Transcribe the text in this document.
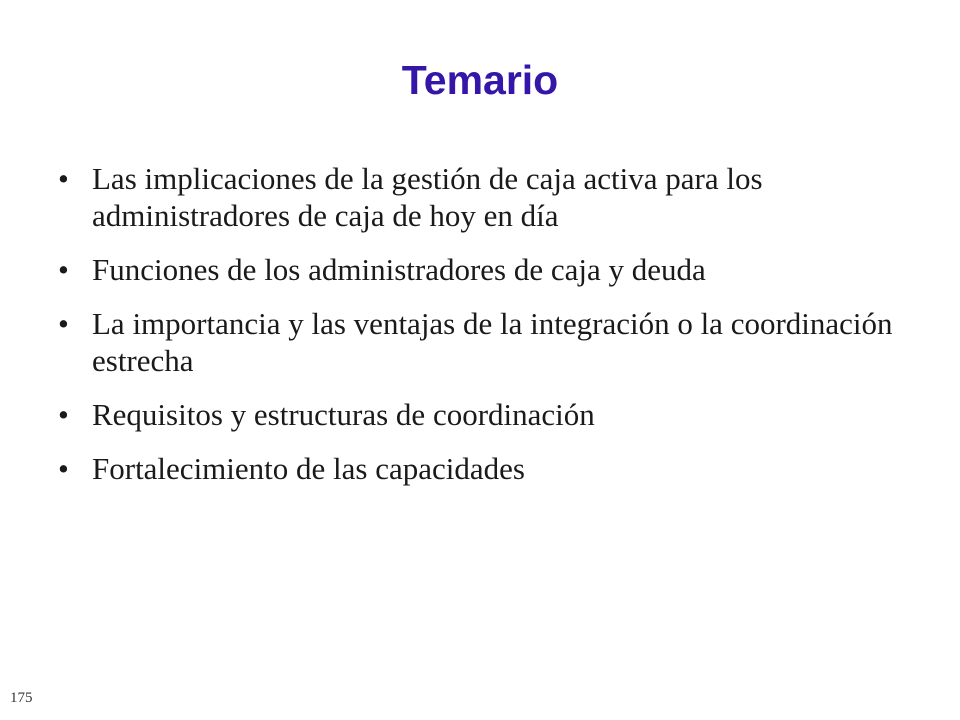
Temario
• Las implicaciones de la gestión de caja activa para los administradores de caja de hoy en día
• Funciones de los administradores de caja y deuda
• La importancia y las ventajas de la integración o la coordinación estrecha
• Requisitos y estructuras de coordinación
• Fortalecimiento de las capacidades
175
